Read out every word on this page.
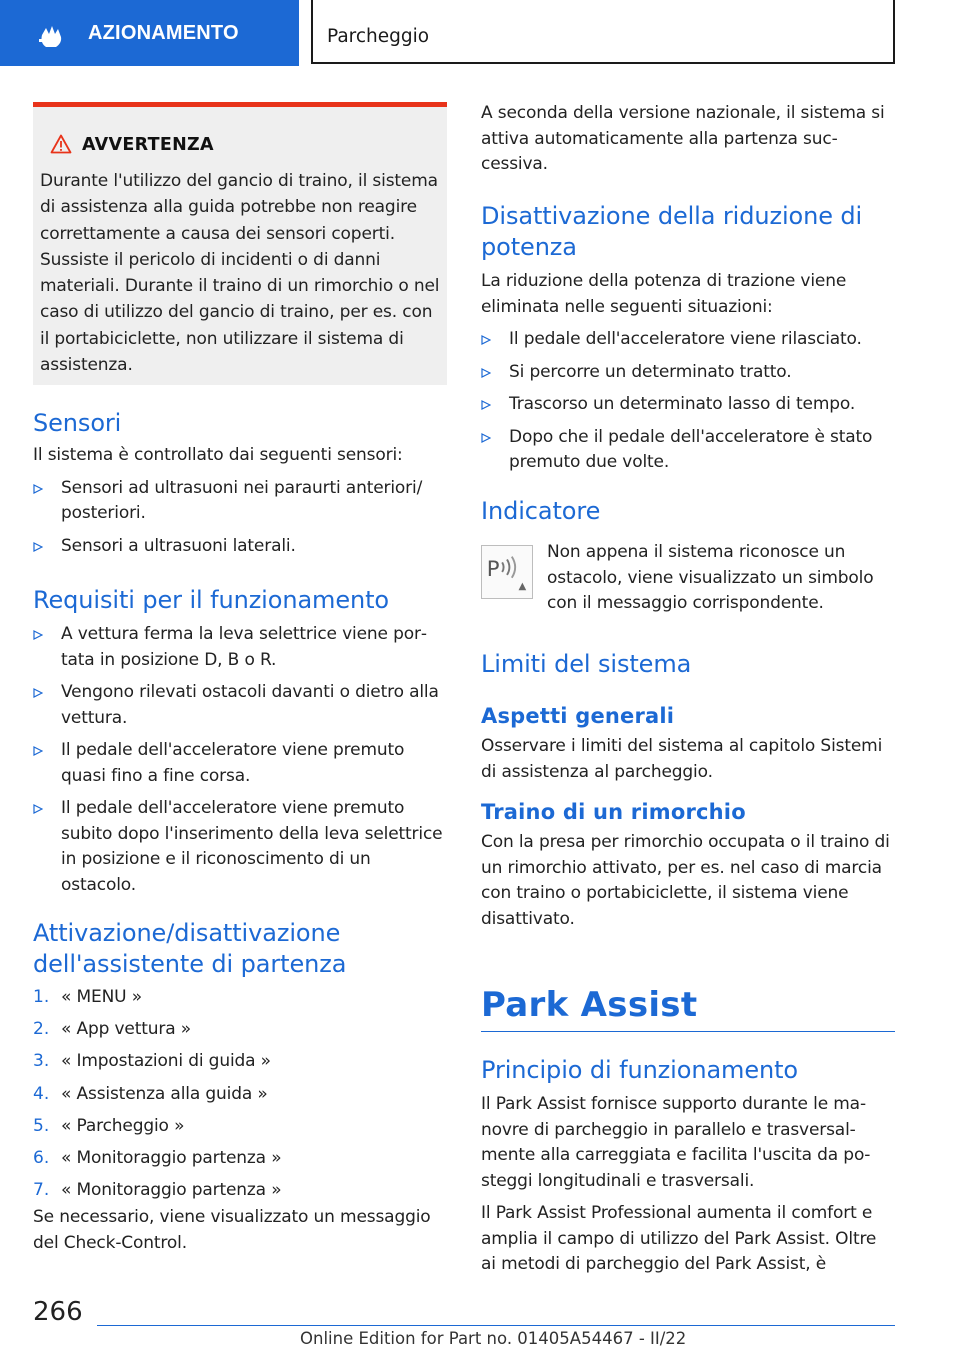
AZIONAMENTO	Parcheggio
AVVERTENZA
Durante l'utilizzo del gancio di traino, il sistema di assistenza alla guida potrebbe non reagire correttamente a causa dei sensori coperti. Sussiste il pericolo di incidenti o di danni materiali. Durante il traino di un rimorchio o nel caso di utilizzo del gancio di traino, per es. con il portabiciclette, non utilizzare il sistema di assistenza.
Sensori

Il sistema è controllato dai seguenti sensori:

Sensori ad ultrasuoni nei paraurti anteriori/ posteriori.
Sensori a ultrasuoni laterali.
Requisiti per il funzionamento
A vettura ferma la leva selettrice viene portata in posizione D, B o R.
Vengono rilevati ostacoli davanti o dietro alla vettura.
Il pedale dell'acceleratore viene premuto quasi fino a fine corsa.
Il pedale dell'acceleratore viene premuto subito dopo l'inserimento della leva selettrice in posizione e il riconoscimento di un ostacolo.
Attivazione/disattivazione dell'assistente di partenza
1. « MENU »
2. « App vettura »
3. « Impostazioni di guida »
4. « Assistenza alla guida »
5. « Parcheggio »
6. « Monitoraggio partenza »
7. « Monitoraggio partenza »

Se necessario, viene visualizzato un messaggio del Check-Control.

A seconda della versione nazionale, il sistema si attiva automaticamente alla partenza successiva.

Disattivazione della riduzione di potenza

La riduzione della potenza di trazione viene eliminata nelle seguenti situazioni:

Il pedale dell'acceleratore viene rilasciato.
Si percorre un determinato tratto.
Trascorso un determinato lasso di tempo.
Dopo che il pedale dell'acceleratore è stato premuto due volte.
Indicatore
P

Non appena il sistema riconosce un ostacolo, viene visualizzato un simbolo con il messaggio corrispondente.

Limiti del sistema
Aspetti generali

Osservare i limiti del sistema al capitolo Sistemi di assistenza al parcheggio.

Traino di un rimorchio

Con la presa per rimorchio occupata o il traino di un rimorchio attivato, per es. nel caso di marcia con traino o portabiciclette, il sistema viene disattivato.

Park Assist
Principio di funzionamento

Il Park Assist fornisce supporto durante le manovre di parcheggio in parallelo e trasversalmente alla carreggiata e facilita l'uscita da posteggi longitudinali e trasversali.

Il Park Assist Professional aumenta il comfort e amplia il campo di utilizzo del Park Assist. Oltre ai metodi di parcheggio del Park Assist, è

266
Online Edition for Part no. 01405A54467 - II/22
